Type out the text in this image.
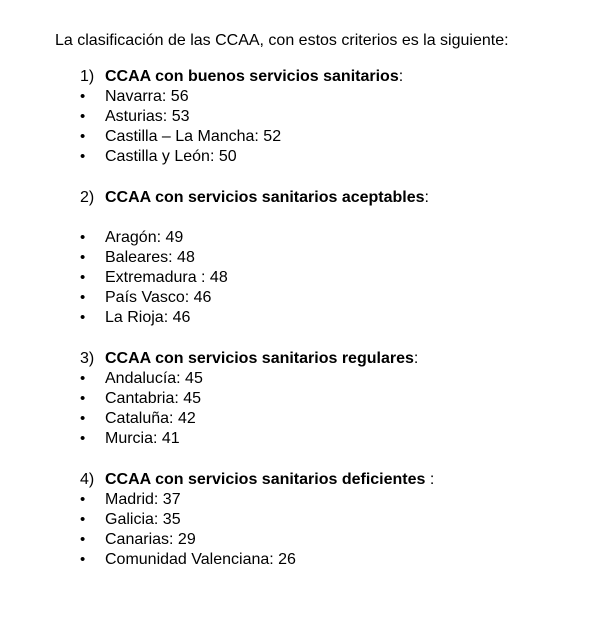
La clasificación de las CCAA, con estos criterios es la siguiente:
1) CCAA con buenos servicios sanitarios:
• Navarra: 56
• Asturias: 53
• Castilla – La Mancha: 52
• Castilla y León: 50
2) CCAA con servicios sanitarios aceptables:
• Aragón: 49
• Baleares: 48
• Extremadura : 48
• País Vasco: 46
• La Rioja: 46
3) CCAA con servicios sanitarios regulares:
• Andalucía: 45
• Cantabria: 45
• Cataluña: 42
• Murcia: 41
4) CCAA con servicios sanitarios deficientes :
• Madrid: 37
• Galicia: 35
• Canarias: 29
• Comunidad Valenciana: 26
